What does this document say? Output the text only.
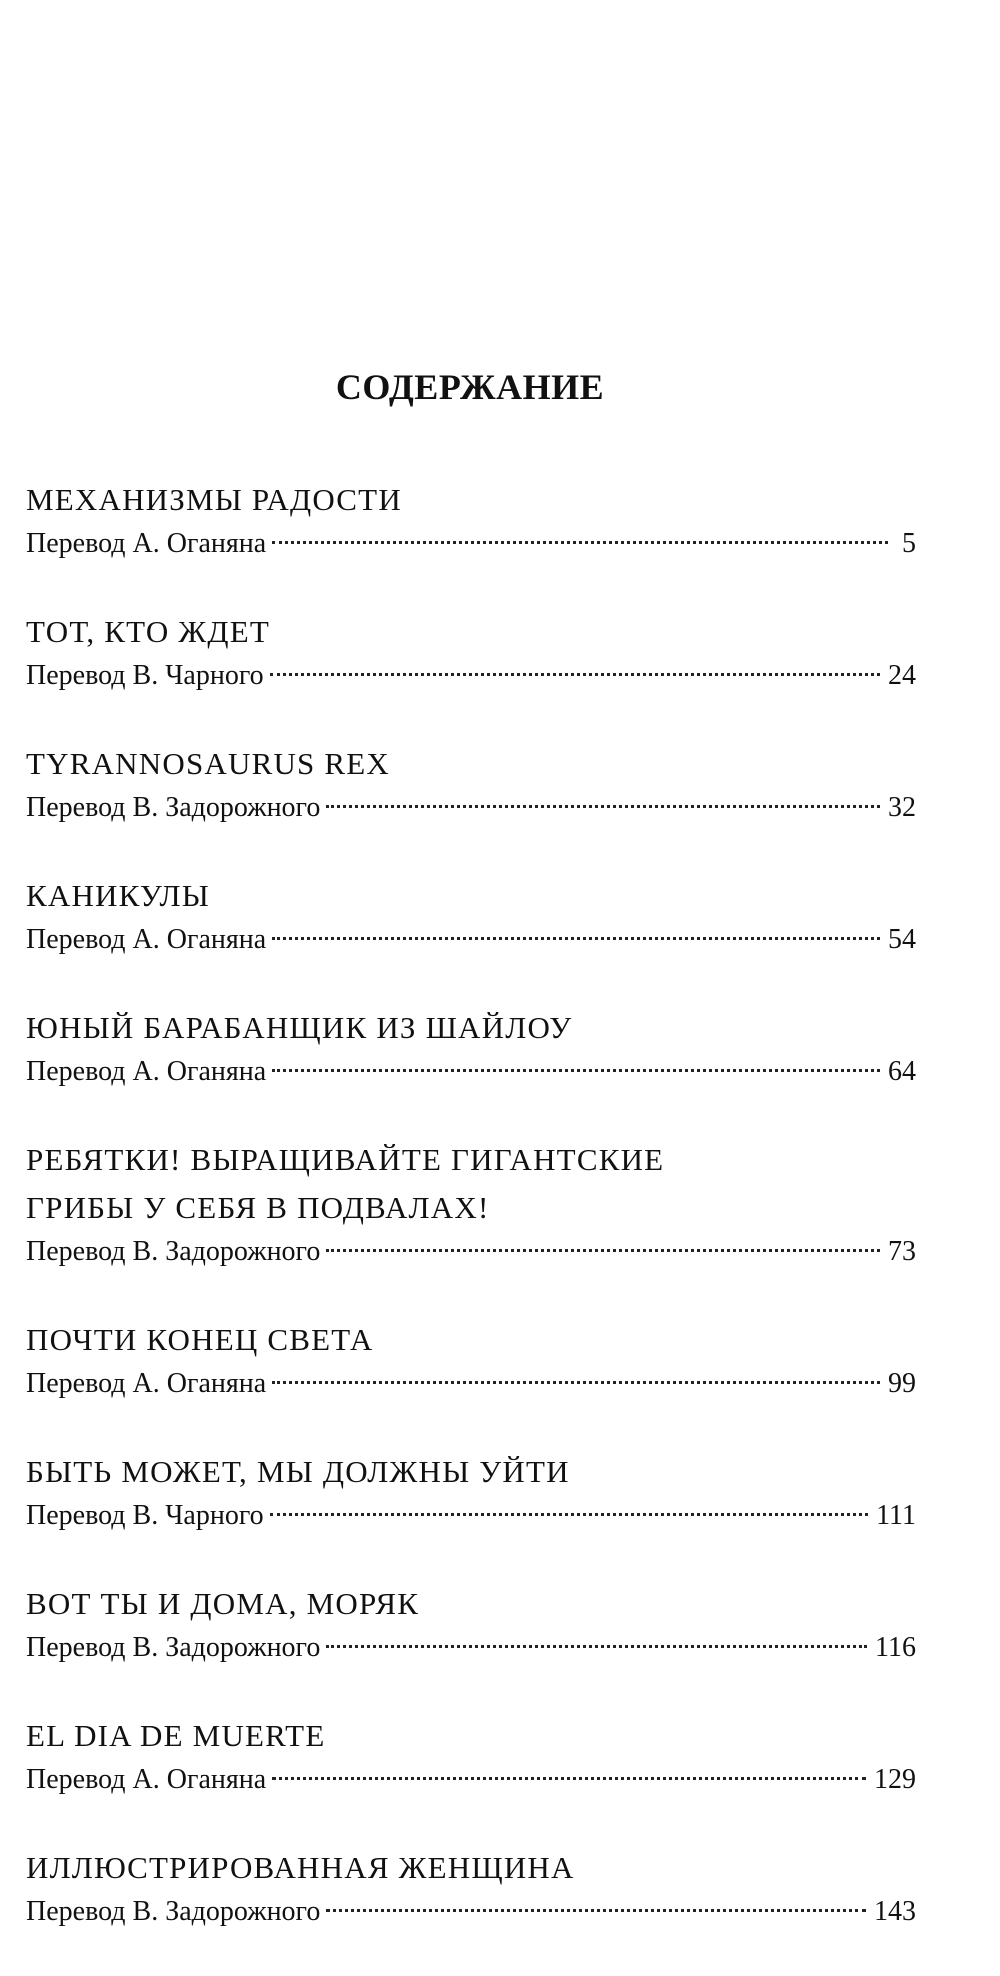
СОДЕРЖАНИЕ
МЕХАНИЗМЫ РАДОСТИ
Перевод А. Оганяна	5
ТОТ, КТО ЖДЕТ
Перевод В. Чарного	24
TYRANNOSAURUS REX
Перевод В. Задорожного	32
КАНИКУЛЫ
Перевод А. Оганяна	54
ЮНЫЙ БАРАБАНЩИК ИЗ ШАЙЛОУ
Перевод А. Оганяна	64
РЕБЯТКИ! ВЫРАЩИВАЙТЕ ГИГАНТСКИЕ
ГРИБЫ У СЕБЯ В ПОДВАЛАХ!
Перевод В. Задорожного	73
ПОЧТИ КОНЕЦ СВЕТА
Перевод А. Оганяна	99
БЫТЬ МОЖЕТ, МЫ ДОЛЖНЫ УЙТИ
Перевод В. Чарного	111
ВОТ ТЫ И ДОМА, МОРЯК
Перевод В. Задорожного	116
EL DIA DE MUERTE
Перевод А. Оганяна	129
ИЛЛЮСТРИРОВАННАЯ ЖЕНЩИНА
Перевод В. Задорожного	143
